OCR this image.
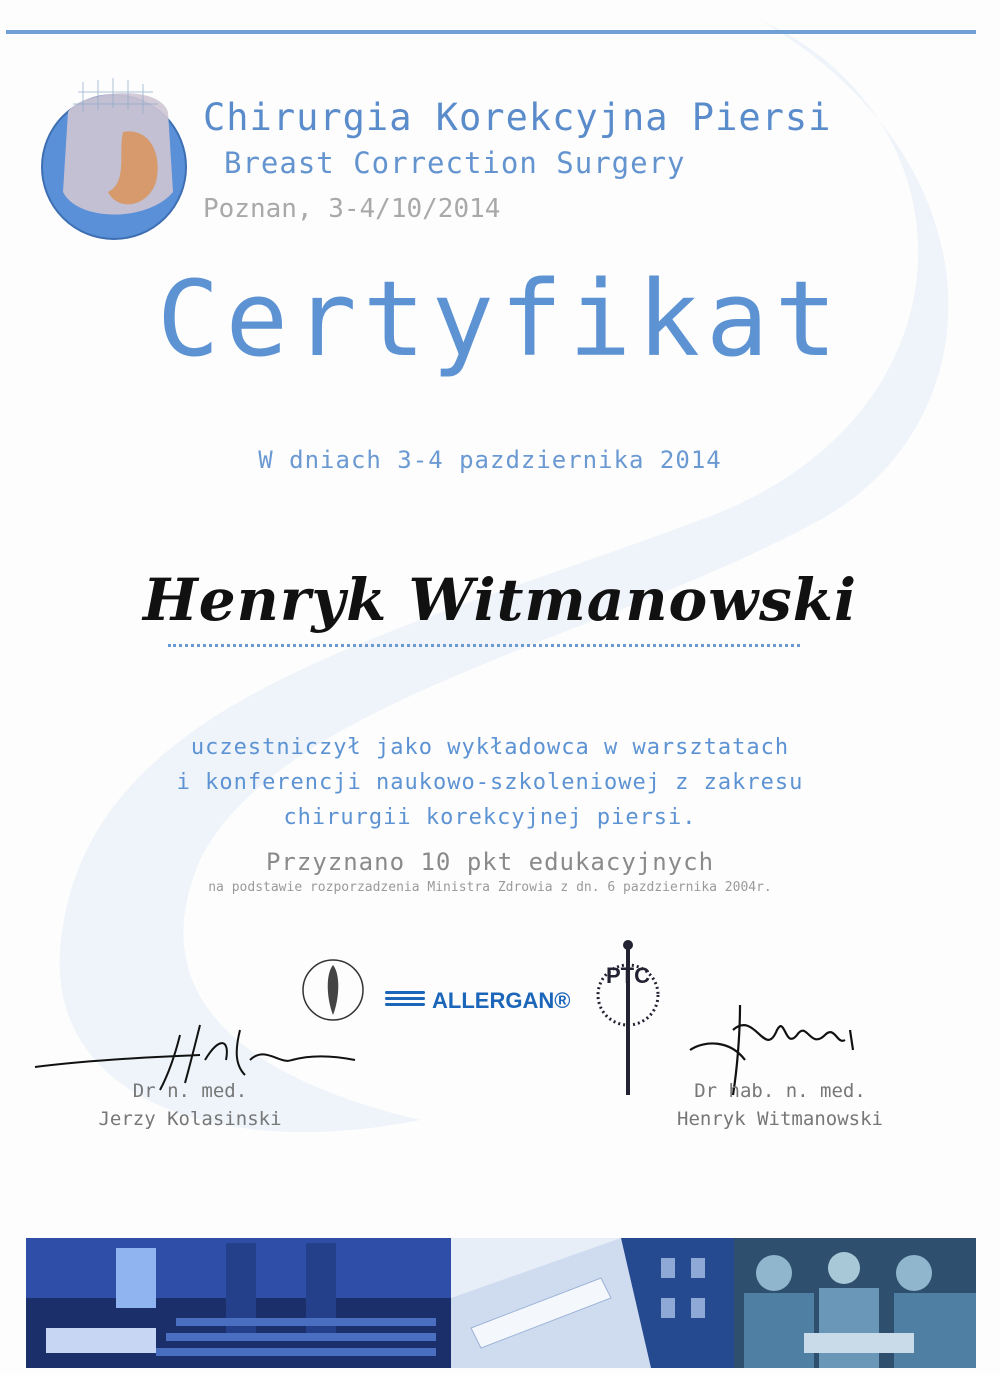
Chirurgia Korekcyjna Piersi
Breast Correction Surgery
Poznan, 3-4/10/2014
Certyfikat
W dniach 3-4 pazdziernika 2014
Henryk Witmanowski
uczestniczył jako wykładowca w warsztatach
i konferencji naukowo-szkoleniowej z zakresu
chirurgii korekcyjnej piersi.
Przyznano 10 pkt edukacyjnych
na podstawie rozporzadzenia Ministra Zdrowia z dn. 6 pazdziernika 2004r.
PTC
ALLERGAN®
Dr n. med.
Jerzy Kolasinski
Dr hab. n. med.
Henryk Witmanowski
